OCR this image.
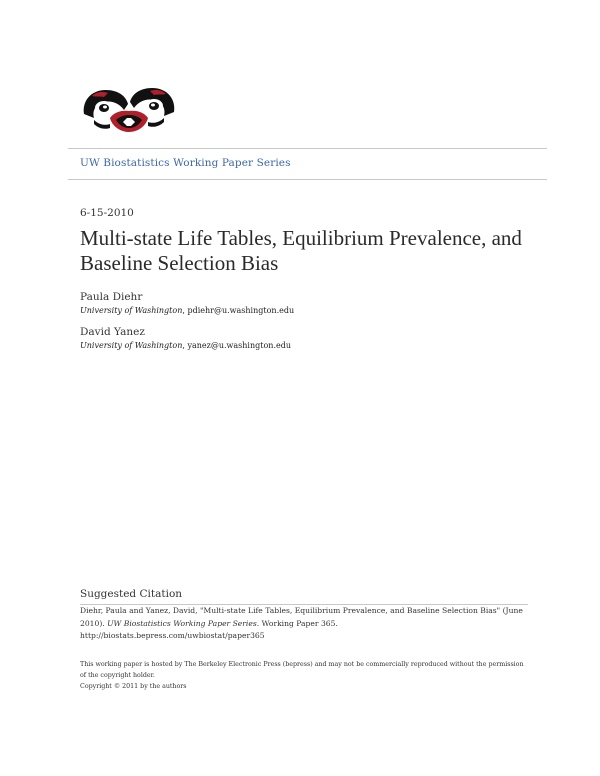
UW Biostatistics Working Paper Series
6-15-2010
Multi-state Life Tables, Equilibrium Prevalence, and Baseline Selection Bias
Paula Diehr
University of Washington, pdiehr@u.washington.edu
David Yanez
University of Washington, yanez@u.washington.edu
Suggested Citation
Diehr, Paula and Yanez, David, "Multi-state Life Tables, Equilibrium Prevalence, and Baseline Selection Bias" (June 2010). UW Biostatistics Working Paper Series. Working Paper 365.
http://biostats.bepress.com/uwbiostat/paper365
This working paper is hosted by The Berkeley Electronic Press (bepress) and may not be commercially reproduced without the permission of the copyright holder.
Copyright © 2011 by the authors
